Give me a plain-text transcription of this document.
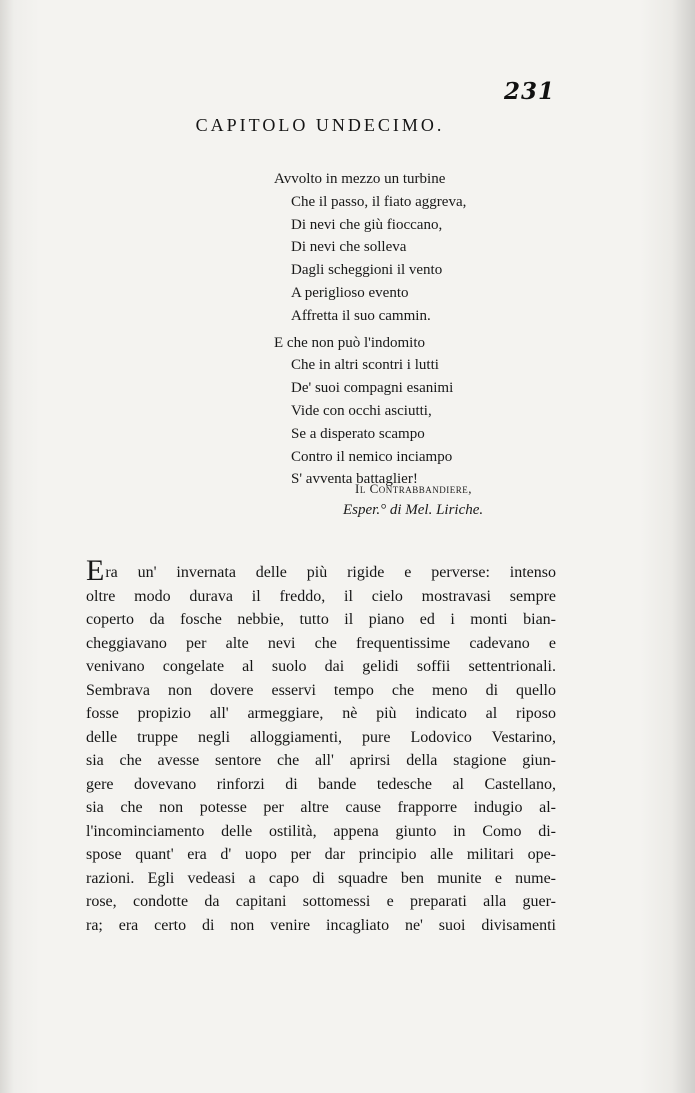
231
CAPITOLO UNDECIMO.
Avvolto in mezzo un turbine
Che il passo, il fiato aggreva,
Di nevi che giù fioccano,
Di nevi che solleva
Dagli scheggioni il vento
A periglioso evento
Affretta il suo cammin.
E che non può l'indomito
Che in altri scontri i lutti
De' suoi compagni esanimi
Vide con occhi asciutti,
Se a disperato scampo
Contro il nemico inciampo
S' avventa battaglier!
Il Contrabbandiere,
Esper.° di Mel. Liriche.
Era un' invernata delle più rigide e perverse: intenso
oltre modo durava il freddo, il cielo mostravasi sempre
coperto da fosche nebbie, tutto il piano ed i monti bian-
cheggiavano per alte nevi che frequentissime cadevano e
venivano congelate al suolo dai gelidi soffii settentrionali.
Sembrava non dovere esservi tempo che meno di quello
fosse propizio all' armeggiare, nè più indicato al riposo
delle truppe negli alloggiamenti, pure Lodovico Vestarino,
sia che avesse sentore che all' aprirsi della stagione giun-
gere dovevano rinforzi di bande tedesche al Castellano,
sia che non potesse per altre cause frapporre indugio al-
l'incominciamento delle ostilità, appena giunto in Como di-
spose quant' era d' uopo per dar principio alle militari ope-
razioni. Egli vedeasi a capo di squadre ben munite e nume-
rose, condotte da capitani sottomessi e preparati alla guer-
ra; era certo di non venire incagliato ne' suoi divisamenti
